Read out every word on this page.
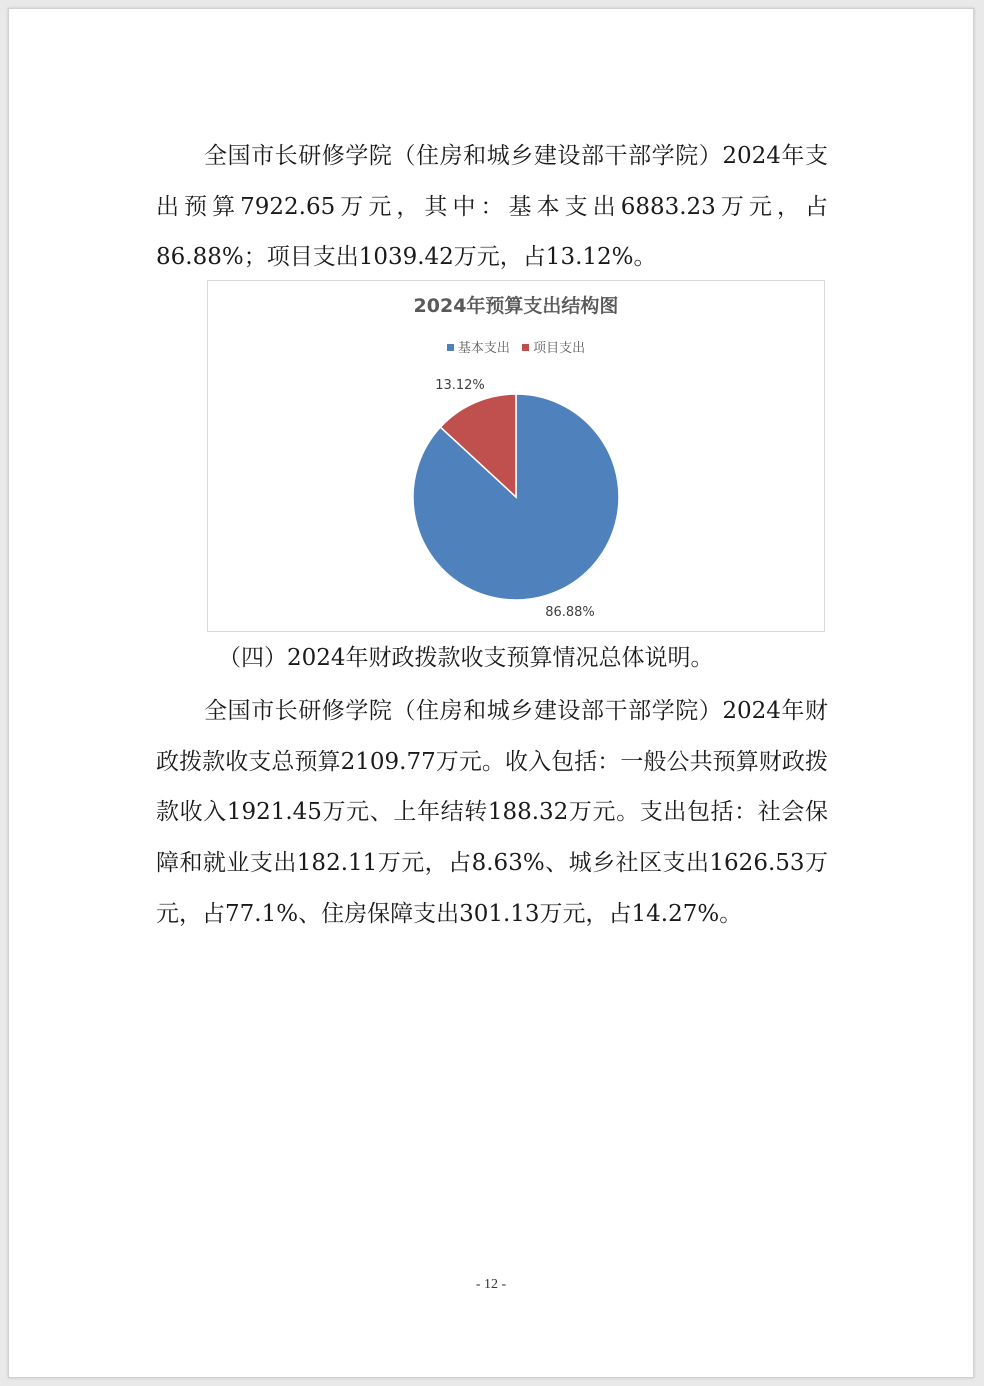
全国市长研修学院（住房和城乡建设部干部学院）2024年支出预算7922.65万元，其中：基本支出6883.23万元，占86.88%；项目支出1039.42万元，占13.12%。

2024年预算支出结构图
基本支出 项目支出
86.88%
13.12%

（四）2024年财政拨款收支预算情况总体说明。

全国市长研修学院（住房和城乡建设部干部学院）2024年财政拨款收支总预算2109.77万元。收入包括：一般公共预算财政拨款收入1921.45万元、上年结转188.32万元。支出包括：社会保障和就业支出182.11万元，占8.63%、城乡社区支出1626.53万元，占77.1%、住房保障支出301.13万元，占14.27%。

- 12 -
